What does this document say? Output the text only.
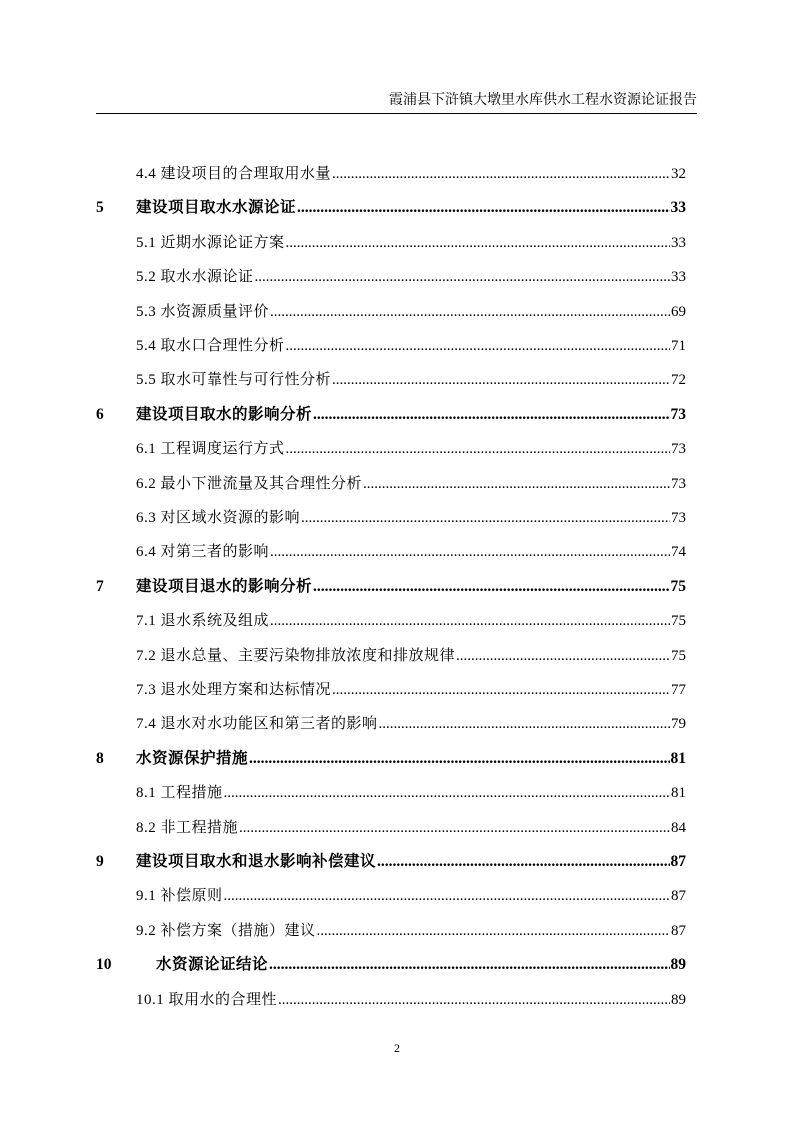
霞浦县下浒镇大墩里水库供水工程水资源论证报告
4.4 建设项目的合理取用水量 .....	32
5 建设项目取水水源论证 .....	33
5.1 近期水源论证方案 .....	33
5.2 取水水源论证 .....	33
5.3 水资源质量评价 .....	69
5.4 取水口合理性分析 .....	71
5.5 取水可靠性与可行性分析 .....	72
6 建设项目取水的影响分析 .....	73
6.1 工程调度运行方式 .....	73
6.2 最小下泄流量及其合理性分析 .....	73
6.3 对区域水资源的影响 .....	73
6.4 对第三者的影响 .....	74
7 建设项目退水的影响分析 .....	75
7.1 退水系统及组成 .....	75
7.2 退水总量、主要污染物排放浓度和排放规律 .....	75
7.3 退水处理方案和达标情况 .....	77
7.4 退水对水功能区和第三者的影响 .....	79
8 水资源保护措施 .....	81
8.1 工程措施 .....	81
8.2 非工程措施 .....	84
9 建设项目取水和退水影响补偿建议 .....	87
9.1 补偿原则 .....	87
9.2 补偿方案（措施）建议 .....	87
10	水资源论证结论 .....	89
10.1 取用水的合理性 .....	89
2
